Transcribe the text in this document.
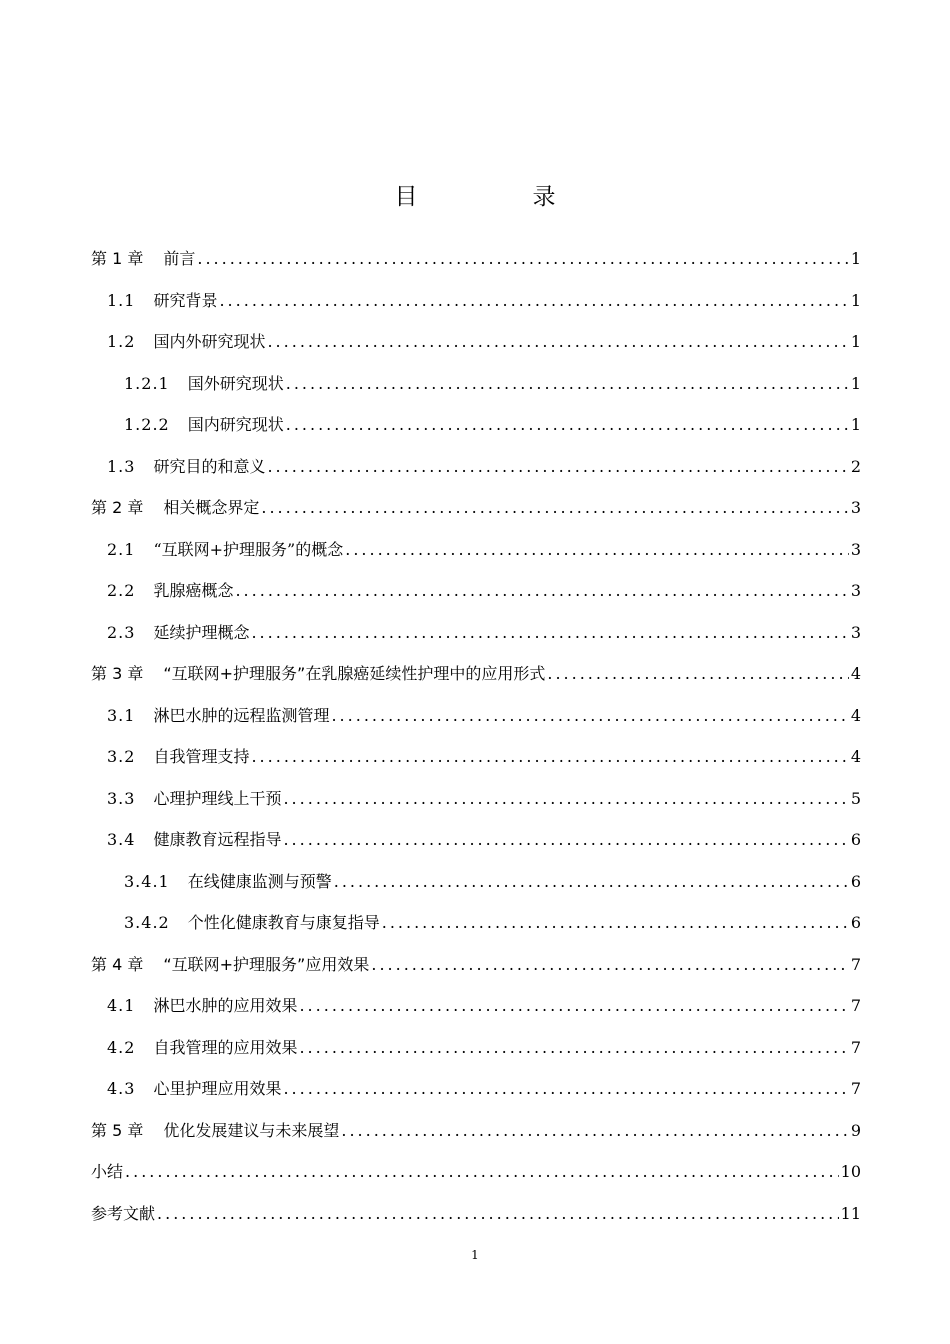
目　录
第 1 章 前言 .....	1
1.1 研究背景 .....	1
1.2 国内外研究现状 .....	1
1.2.1 国外研究现状 .....	1
1.2.2 国内研究现状 .....	1
1.3 研究目的和意义 .....	2
第 2 章 相关概念界定 .....	3
2.1 “互联网+护理服务”的概念 .....	3
2.2 乳腺癌概念 .....	3
2.3 延续护理概念 .....	3
第 3 章 “互联网+护理服务”在乳腺癌延续性护理中的应用形式 .....	4
3.1 淋巴水肿的远程监测管理 .....	4
3.2 自我管理支持 .....	4
3.3 心理护理线上干预 .....	5
3.4 健康教育远程指导 .....	6
3.4.1 在线健康监测与预警 .....	6
3.4.2 个性化健康教育与康复指导 .....	6
第 4 章 “互联网+护理服务”应用效果 .....	7
4.1 淋巴水肿的应用效果 .....	7
4.2 自我管理的应用效果 .....	7
4.3 心里护理应用效果 .....	7
第 5 章 优化发展建议与未来展望 .....	9
小结 .....	10
参考文献 .....	11
1
